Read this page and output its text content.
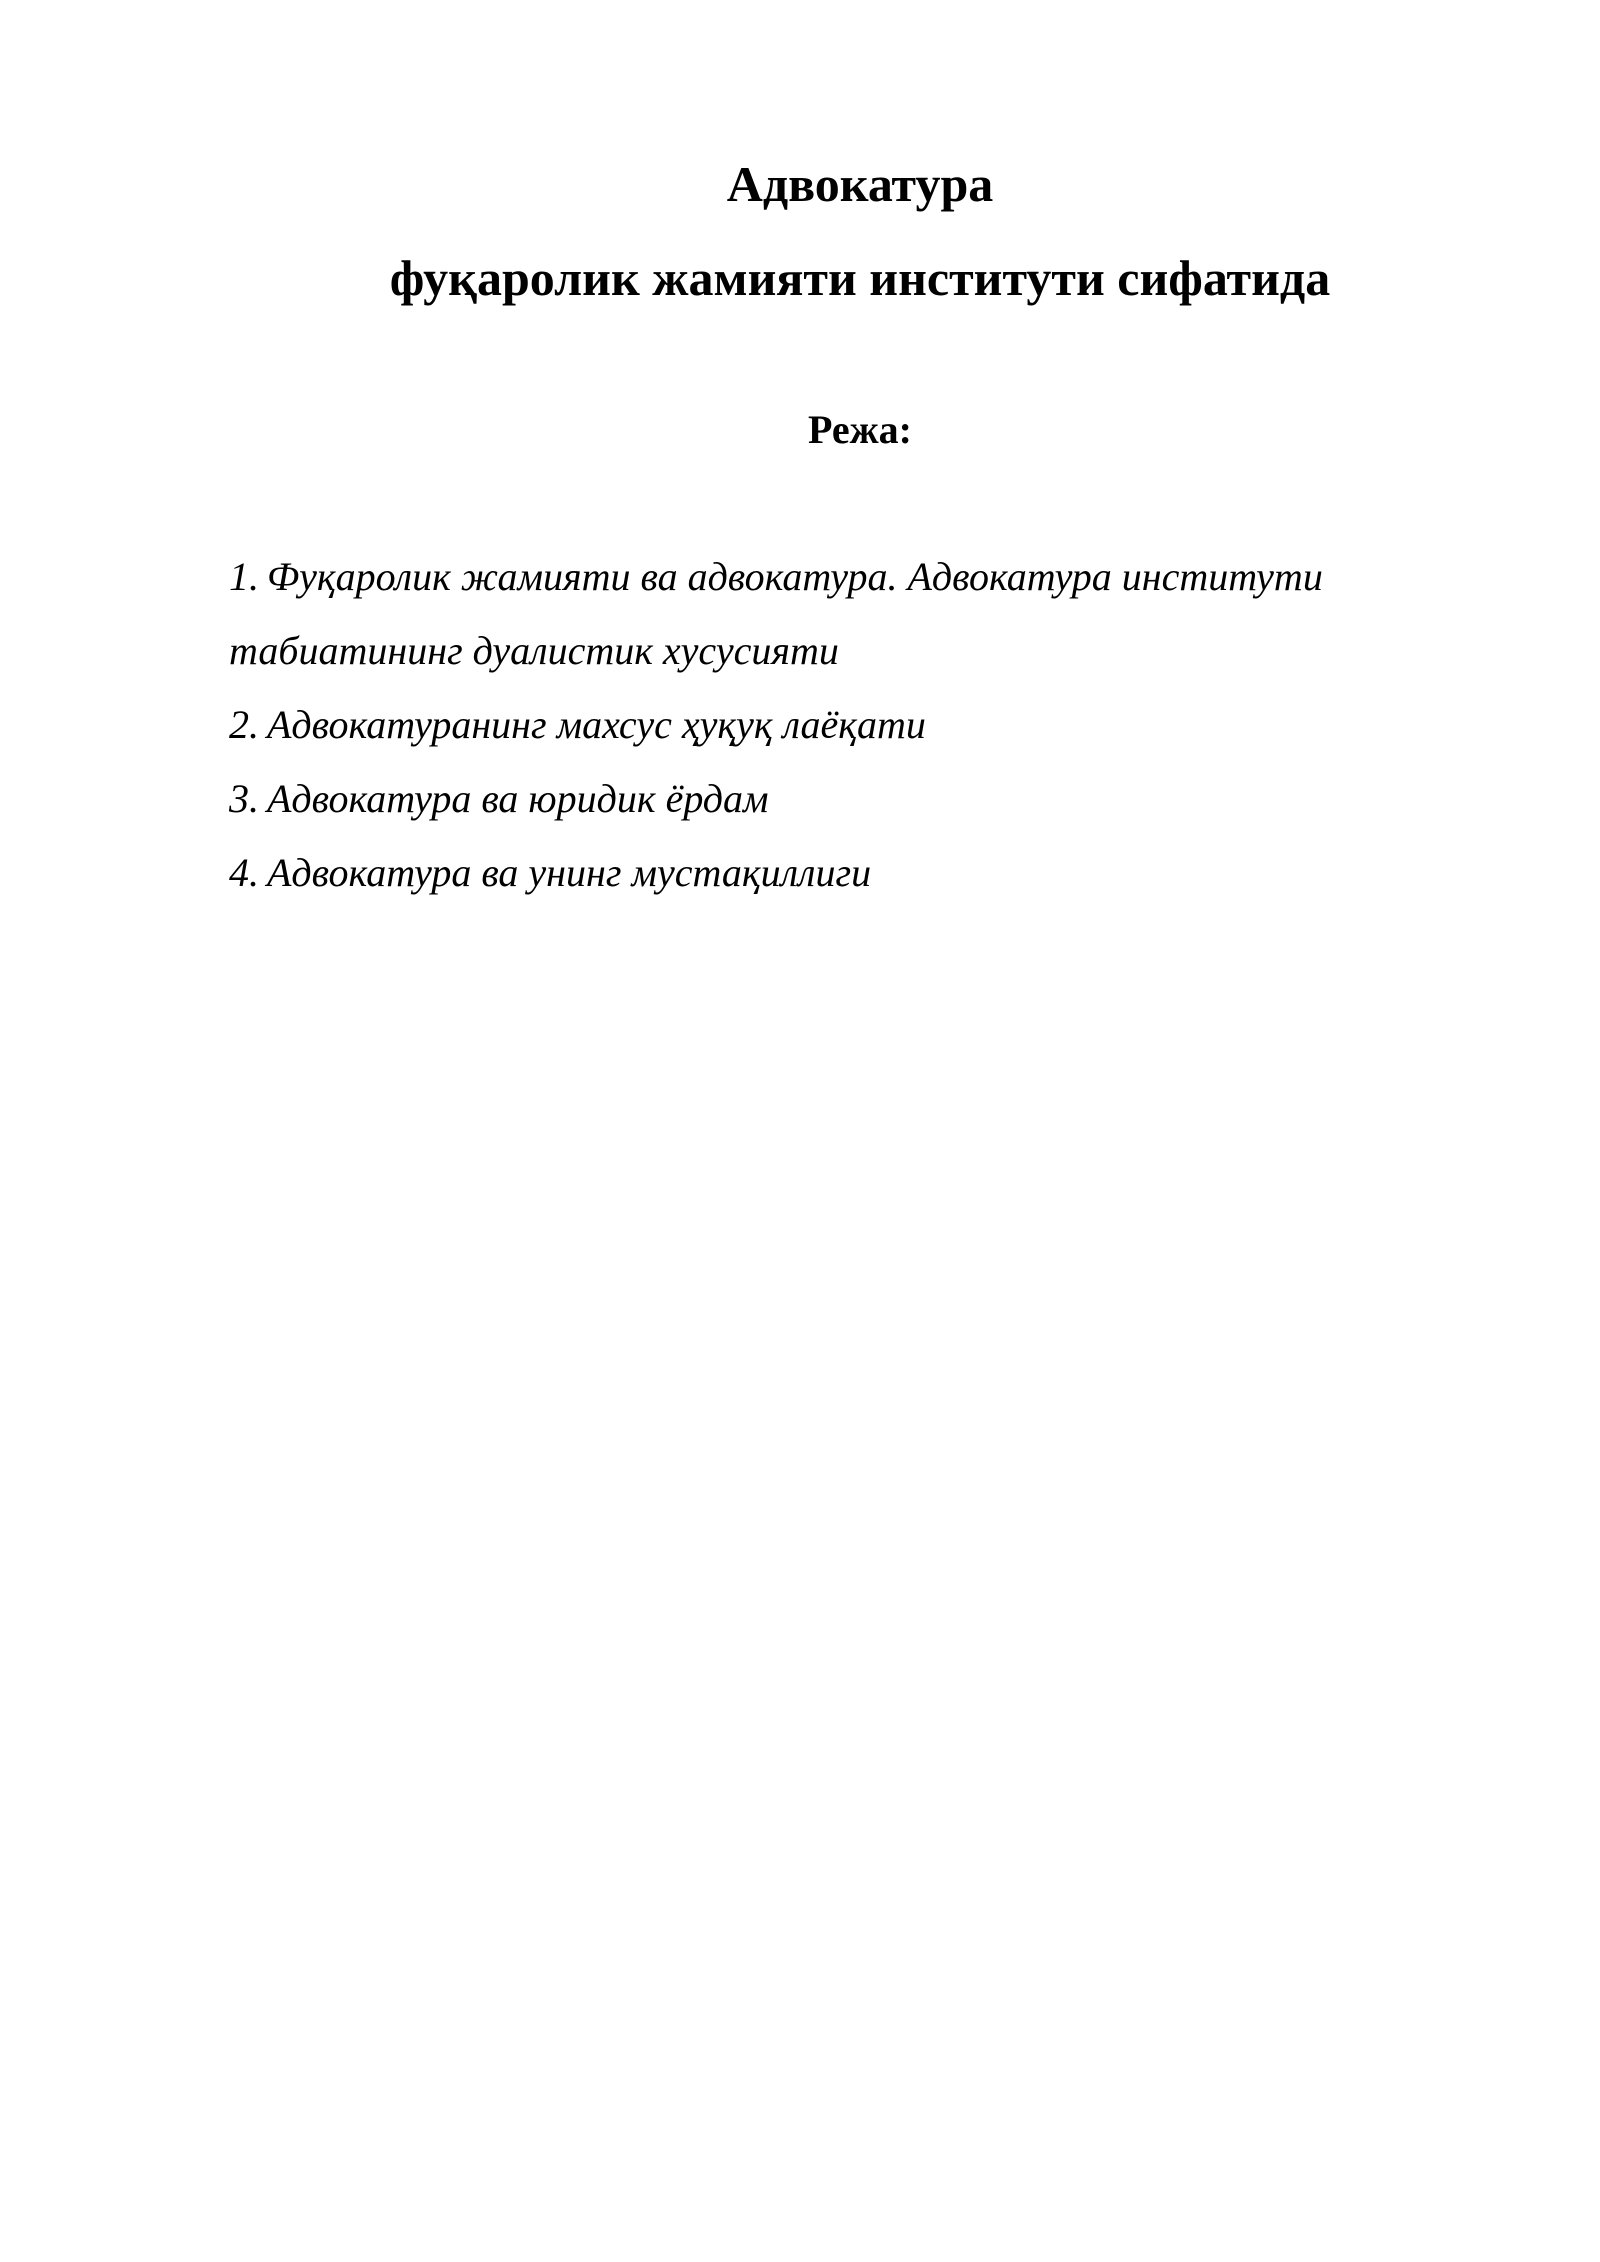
Адвокатура
фуқаролик жамияти институти сифатида
Режа:
1. Фуқаролик жамияти ва адвокатура. Адвокатура институти табиатининг дуалистик хусусияти
2. Адвокатуранинг махсус ҳуқуқ лаёқати
3. Адвокатура ва юридик ёрдам
4. Адвокатура ва унинг мустақиллиги
